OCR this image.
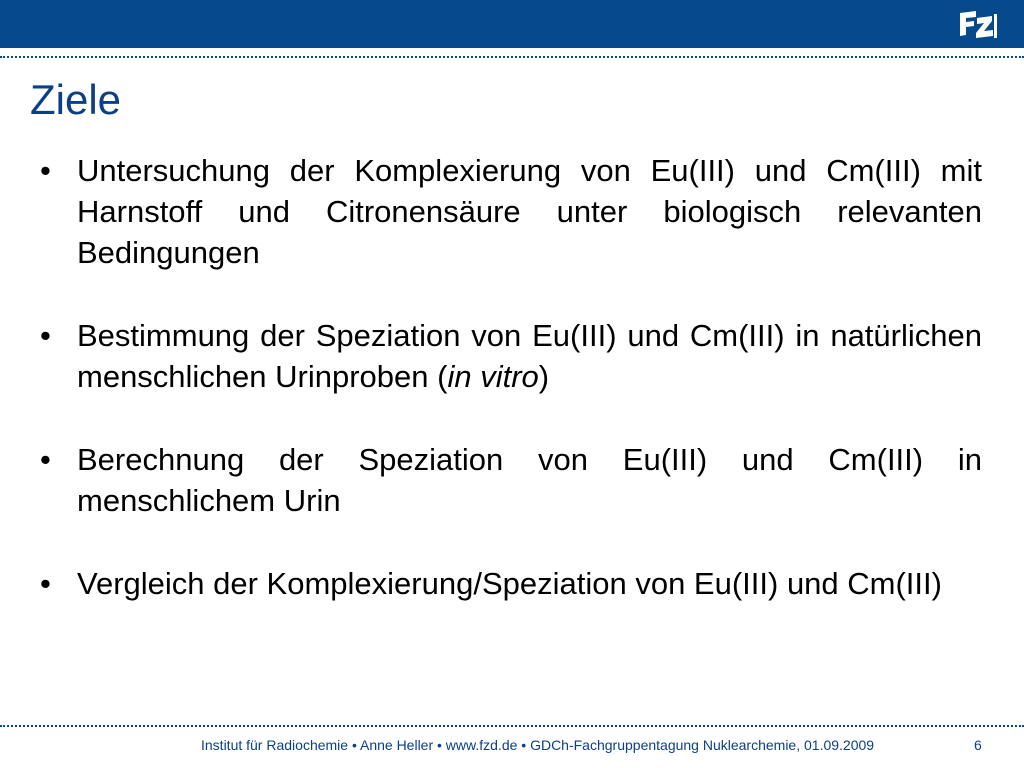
Ziele
• Untersuchung der Komplexierung von Eu(III) und Cm(III) mit Harnstoff und Citronensäure unter biologisch relevanten Bedingungen
• Bestimmung der Speziation von Eu(III) und Cm(III) in natürlichen menschlichen Urinproben (in vitro)
• Berechnung der Speziation von Eu(III) und Cm(III) in menschlichem Urin
• Vergleich der Komplexierung/Speziation von Eu(III) und Cm(III)
Institut für Radiochemie • Anne Heller • www.fzd.de • GDCh-Fachgruppentagung Nuklearchemie, 01.09.2009	6
